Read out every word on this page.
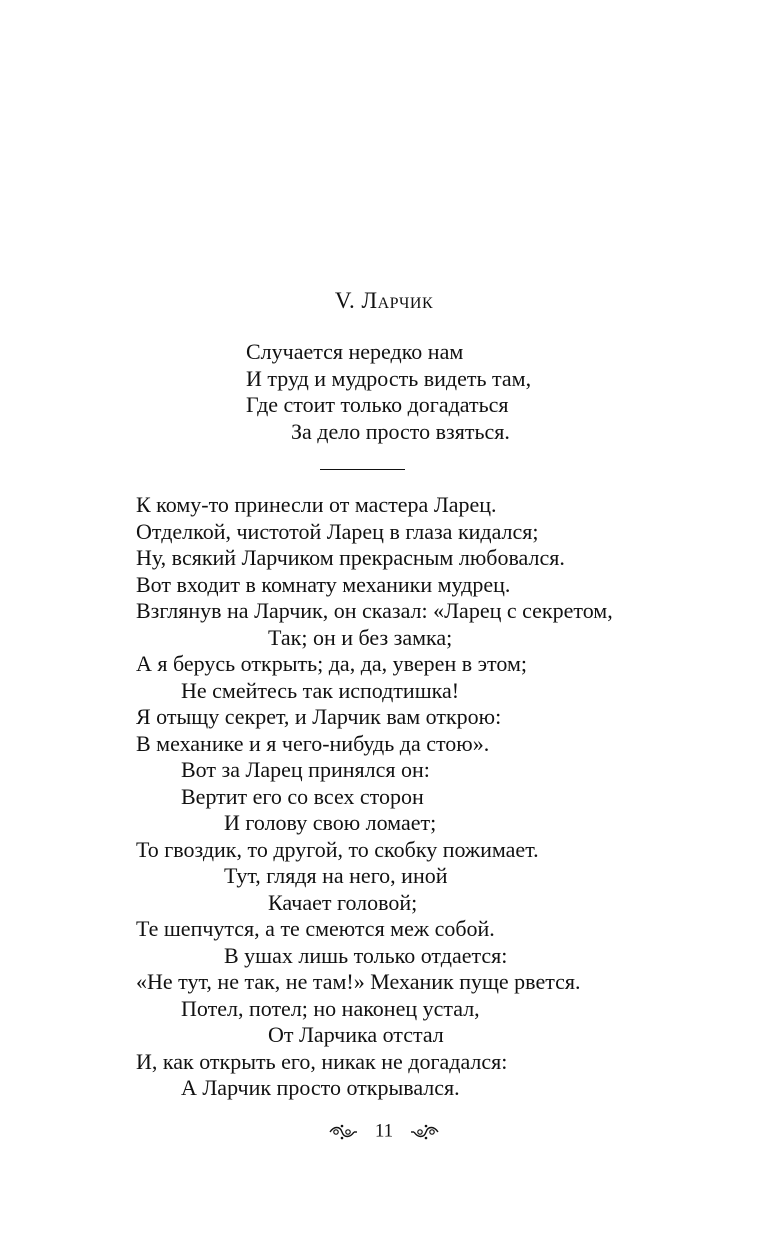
V. Ларчик
Случается нередко нам
И труд и мудрость видеть там,
Где стоит только догадаться
За дело просто взяться.
К кому-то принесли от мастера Ларец.
Отделкой, чистотой Ларец в глаза кидался;
Ну, всякий Ларчиком прекрасным любовался.
Вот входит в комнату механики мудрец.
Взглянув на Ларчик, он сказал: «Ларец с секретом,
Так; он и без замка;
А я берусь открыть; да, да, уверен в этом;
Не смейтесь так исподтишка!
Я отыщу секрет, и Ларчик вам открою:
В механике и я чего-нибудь да стою».
Вот за Ларец принялся он:
Вертит его со всех сторон
И голову свою ломает;
То гвоздик, то другой, то скобку пожимает.
Тут, глядя на него, иной
Качает головой;
Те шепчутся, а те смеются меж собой.
В ушах лишь только отдается:
«Не тут, не так, не там!» Механик пуще рвется.
Потел, потел; но наконец устал,
От Ларчика отстал
И, как открыть его, никак не догадался:
А Ларчик просто открывался.
11
